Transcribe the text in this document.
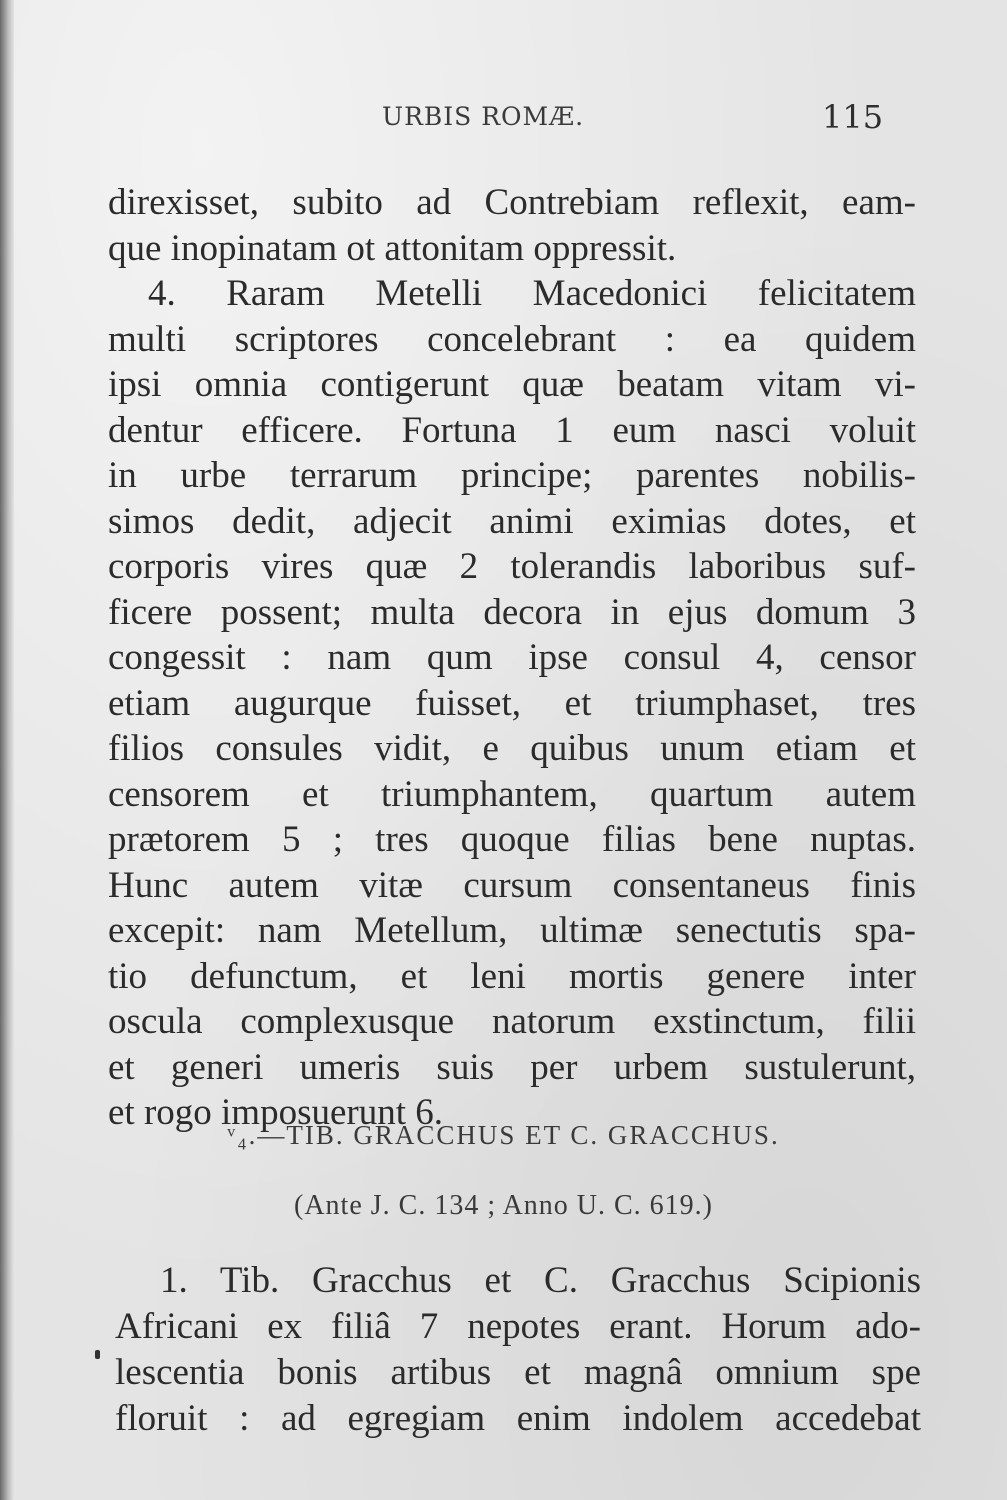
URBIS ROMÆ.	115
direxisset, subito ad Contrebiam reflexit, eam-
que inopinatam ot attonitam oppressit.
4. Raram Metelli Macedonici felicitatem
multi scriptores concelebrant : ea quidem
ipsi omnia contigerunt quæ beatam vitam vi-
dentur efficere. Fortuna 1 eum nasci voluit
in urbe terrarum principe; parentes nobilis-
simos dedit, adjecit animi eximias dotes, et
corporis vires quæ 2 tolerandis laboribus suf-
ficere possent; multa decora in ejus domum 3
congessit : nam qum ipse consul 4, censor
etiam augurque fuisset, et triumphaset, tres
filios consules vidit, e quibus unum etiam et
censorem et triumphantem, quartum autem
prætorem 5 ; tres quoque filias bene nuptas.
Hunc autem vitæ cursum consentaneus finis
excepit: nam Metellum, ultimæ senectutis spa-
tio defunctum, et leni mortis genere inter
oscula complexusque natorum exstinctum, filii
et generi umeris suis per urbem sustulerunt,
et rogo imposuerunt 6.
ᵛ₄.—TIB. GRACCHUS ET C. GRACCHUS.
(Ante J. C. 134 ; Anno U. C. 619.)
1. Tib. Gracchus et C. Gracchus Scipionis
Africani ex filiâ 7 nepotes erant. Horum ado-
lescentia bonis artibus et magnâ omnium spe
floruit : ad egregiam enim indolem accedebat
